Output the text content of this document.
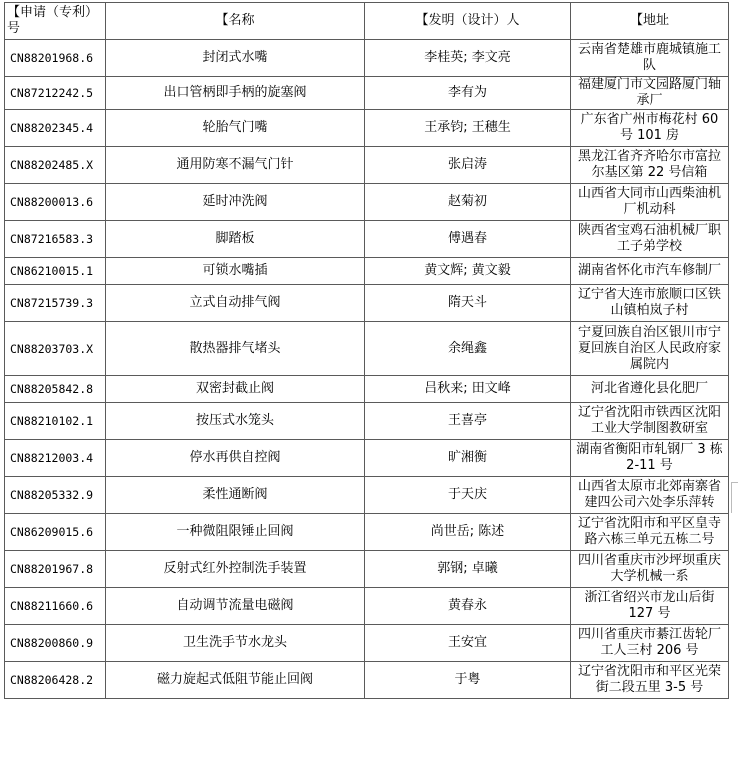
【申请（专利）号	【名称	【发明（设计）人	【地址
CN88201968.6	封闭式水嘴	李桂英; 李文亮	云南省楚雄市鹿城镇施工队
CN87212242.5	出口管柄即手柄的旋塞阀	李有为	福建厦门市文园路厦门轴承厂
CN88202345.4	轮胎气门嘴	王承钧; 王穗生	广东省广州市梅花村 60 号 101 房
CN88202485.X	通用防寒不漏气门针	张启涛	黑龙江省齐齐哈尔市富拉尔基区第 22 号信箱
CN88200013.6	延时冲洗阀	赵菊初	山西省大同市山西柴油机厂机动科
CN87216583.3	脚踏板	傅遇春	陕西省宝鸡石油机械厂职工子弟学校
CN86210015.1	可锁水嘴插	黄文辉; 黄文毅	湖南省怀化市汽车修制厂
CN87215739.3	立式自动排气阀	隋天斗	辽宁省大连市旅顺口区铁山镇柏岚子村
CN88203703.X	散热器排气堵头	余绳鑫	宁夏回族自治区银川市宁夏回族自治区人民政府家属院内
CN88205842.8	双密封截止阀	吕秋来; 田文峰	河北省遵化县化肥厂
CN88210102.1	按压式水笼头	王喜亭	辽宁省沈阳市铁西区沈阳工业大学制图教研室
CN88212003.4	停水再供自控阀	旷湘衡	湖南省衡阳市轧钢厂 3 栋 2-11 号
CN88205332.9	柔性通断阀	于天庆	山西省太原市北郊南寨省建四公司六处李乐萍转
CN86209015.6	一种微阻限锤止回阀	尚世岳; 陈述	辽宁省沈阳市和平区皇寺路六栋三单元五栋二号
CN88201967.8	反射式红外控制洗手装置	郭钢; 卓曦	四川省重庆市沙坪坝重庆大学机械一系
CN88211660.6	自动调节流量电磁阀	黄春永	浙江省绍兴市龙山后街 127 号
CN88200860.9	卫生洗手节水龙头	王安宜	四川省重庆市綦江齿轮厂工人三村 206 号
CN88206428.2	磁力旋起式低阻节能止回阀	于粤	辽宁省沈阳市和平区光荣街二段五里 3-5 号
